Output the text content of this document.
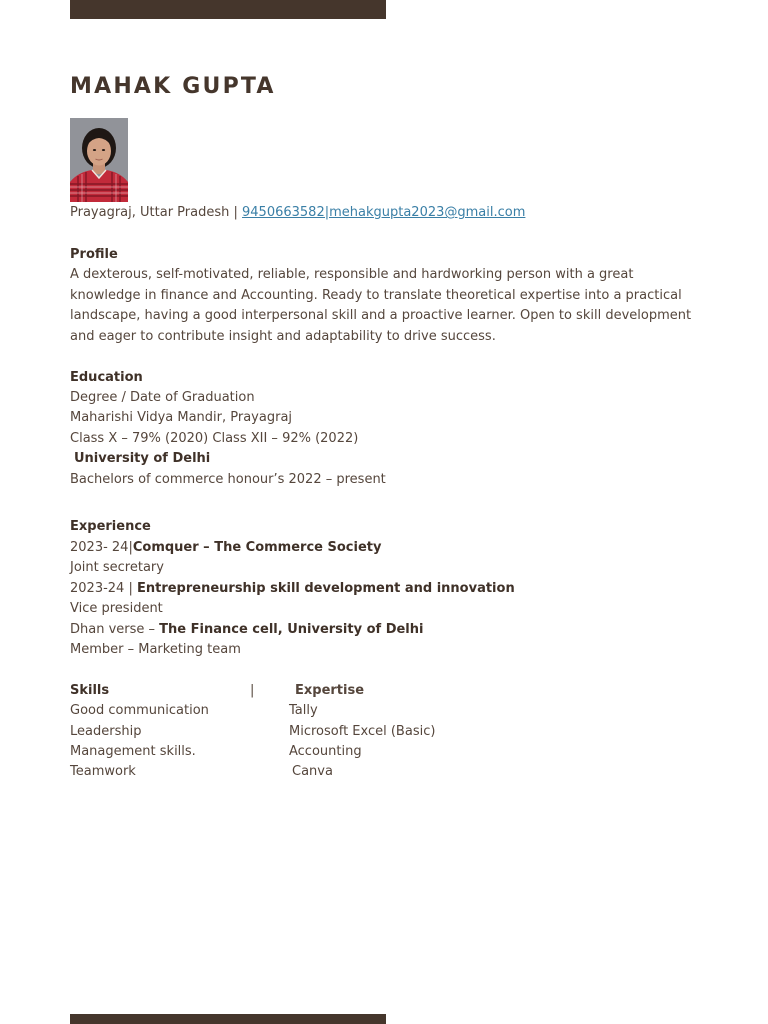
MAHAK GUPTA
Prayagraj, Uttar Pradesh | 9450663582|mehakgupta2023@gmail.com
Profile

A dexterous, self-motivated, reliable, responsible and hardworking person with a great knowledge in finance and Accounting. Ready to translate theoretical expertise into a practical landscape, having a good interpersonal skill and a proactive learner. Open to skill development and eager to contribute insight and adaptability to drive success.

Education
Degree / Date of Graduation
Maharishi Vidya Mandir, Prayagraj
Class X – 79% (2020) Class XII – 92% (2022)
University of Delhi
Bachelors of commerce honour’s 2022 – present
Experience
2023- 24|Comquer – The Commerce Society
Joint secretary
2023-24 | Entrepreneurship skill development and innovation
Vice president
Dhan verse – The Finance cell, University of Delhi
Member – Marketing team
Skills	|	Expertise
Good communication
Leadership
Management skills.
Teamwork
Tally
Microsoft Excel (Basic)
Accounting
Canva
